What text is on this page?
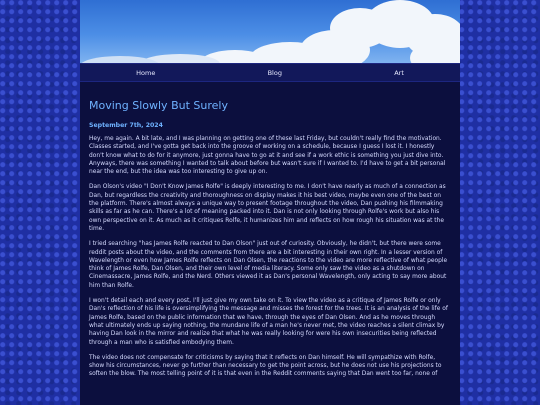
Home	Blog	Art
Moving Slowly But Surely
September 7th, 2024

Hey, me again. A bit late, and I was planning on getting one of these last Friday, but couldn't really find the motivation. Classes started, and I've gotta get back into the groove of working on a schedule, because I guess I lost it. I honestly don't know what to do for it anymore, just gonna have to go at it and see if a work ethic is something you just dive into. Anyways, there was something I wanted to talk about before but wasn't sure if I wanted to. I'd have to get a bit personal near the end, but the idea was too interesting to give up on.

Dan Olson's video "I Don't Know James Rolfe" is deeply interesting to me. I don't have nearly as much of a connection as Dan, but regardless the creativity and thoroughness on display makes it his best video, maybe even one of the best on the platform. There's almost always a unique way to present footage throughout the video, Dan pushing his filmmaking skills as far as he can. There's a lot of meaning packed into it. Dan is not only looking through Rolfe's work but also his own perspective on it. As much as it critiques Rolfe, it humanizes him and reflects on how rough his situation was at the time.

I tried searching "has James Rolfe reacted to Dan Olson" just out of curiosity. Obviously, he didn't, but there were some reddit posts about the video, and the comments from there are a bit interesting in their own right. In a lesser version of Wavelength or even how James Rolfe reflects on Dan Olsen, the reactions to the video are more reflective of what people think of James Rolfe, Dan Olsen, and their own level of media literacy. Some only saw the video as a shutdown on Cinemassacre, James Rolfe, and the Nerd. Others viewed it as Dan's personal Wavelength, only acting to say more about him than Rolfe.

I won't detail each and every post, I'll just give my own take on it. To view the video as a critique of James Rolfe or only Dan's reflection of his life is oversimplifying the message and misses the forest for the trees. It is an analysis of the life of James Rolfe, based on the public information that we have, through the eyes of Dan Olsen. And as he moves through what ultimately ends up saying nothing, the mundane life of a man he's never met, the video reaches a silent climax by having Dan look in the mirror and realize that what he was really looking for were his own insecurities being reflected through a man who is satisfied embodying them.

The video does not compensate for criticisms by saying that it reflects on Dan himself. He will sympathize with Rolfe, show his circumstances, never go further than necessary to get the point across, but he does not use his projections to soften the blow. The most telling point of it is that even in the Reddit comments saying that Dan went too far, none of
